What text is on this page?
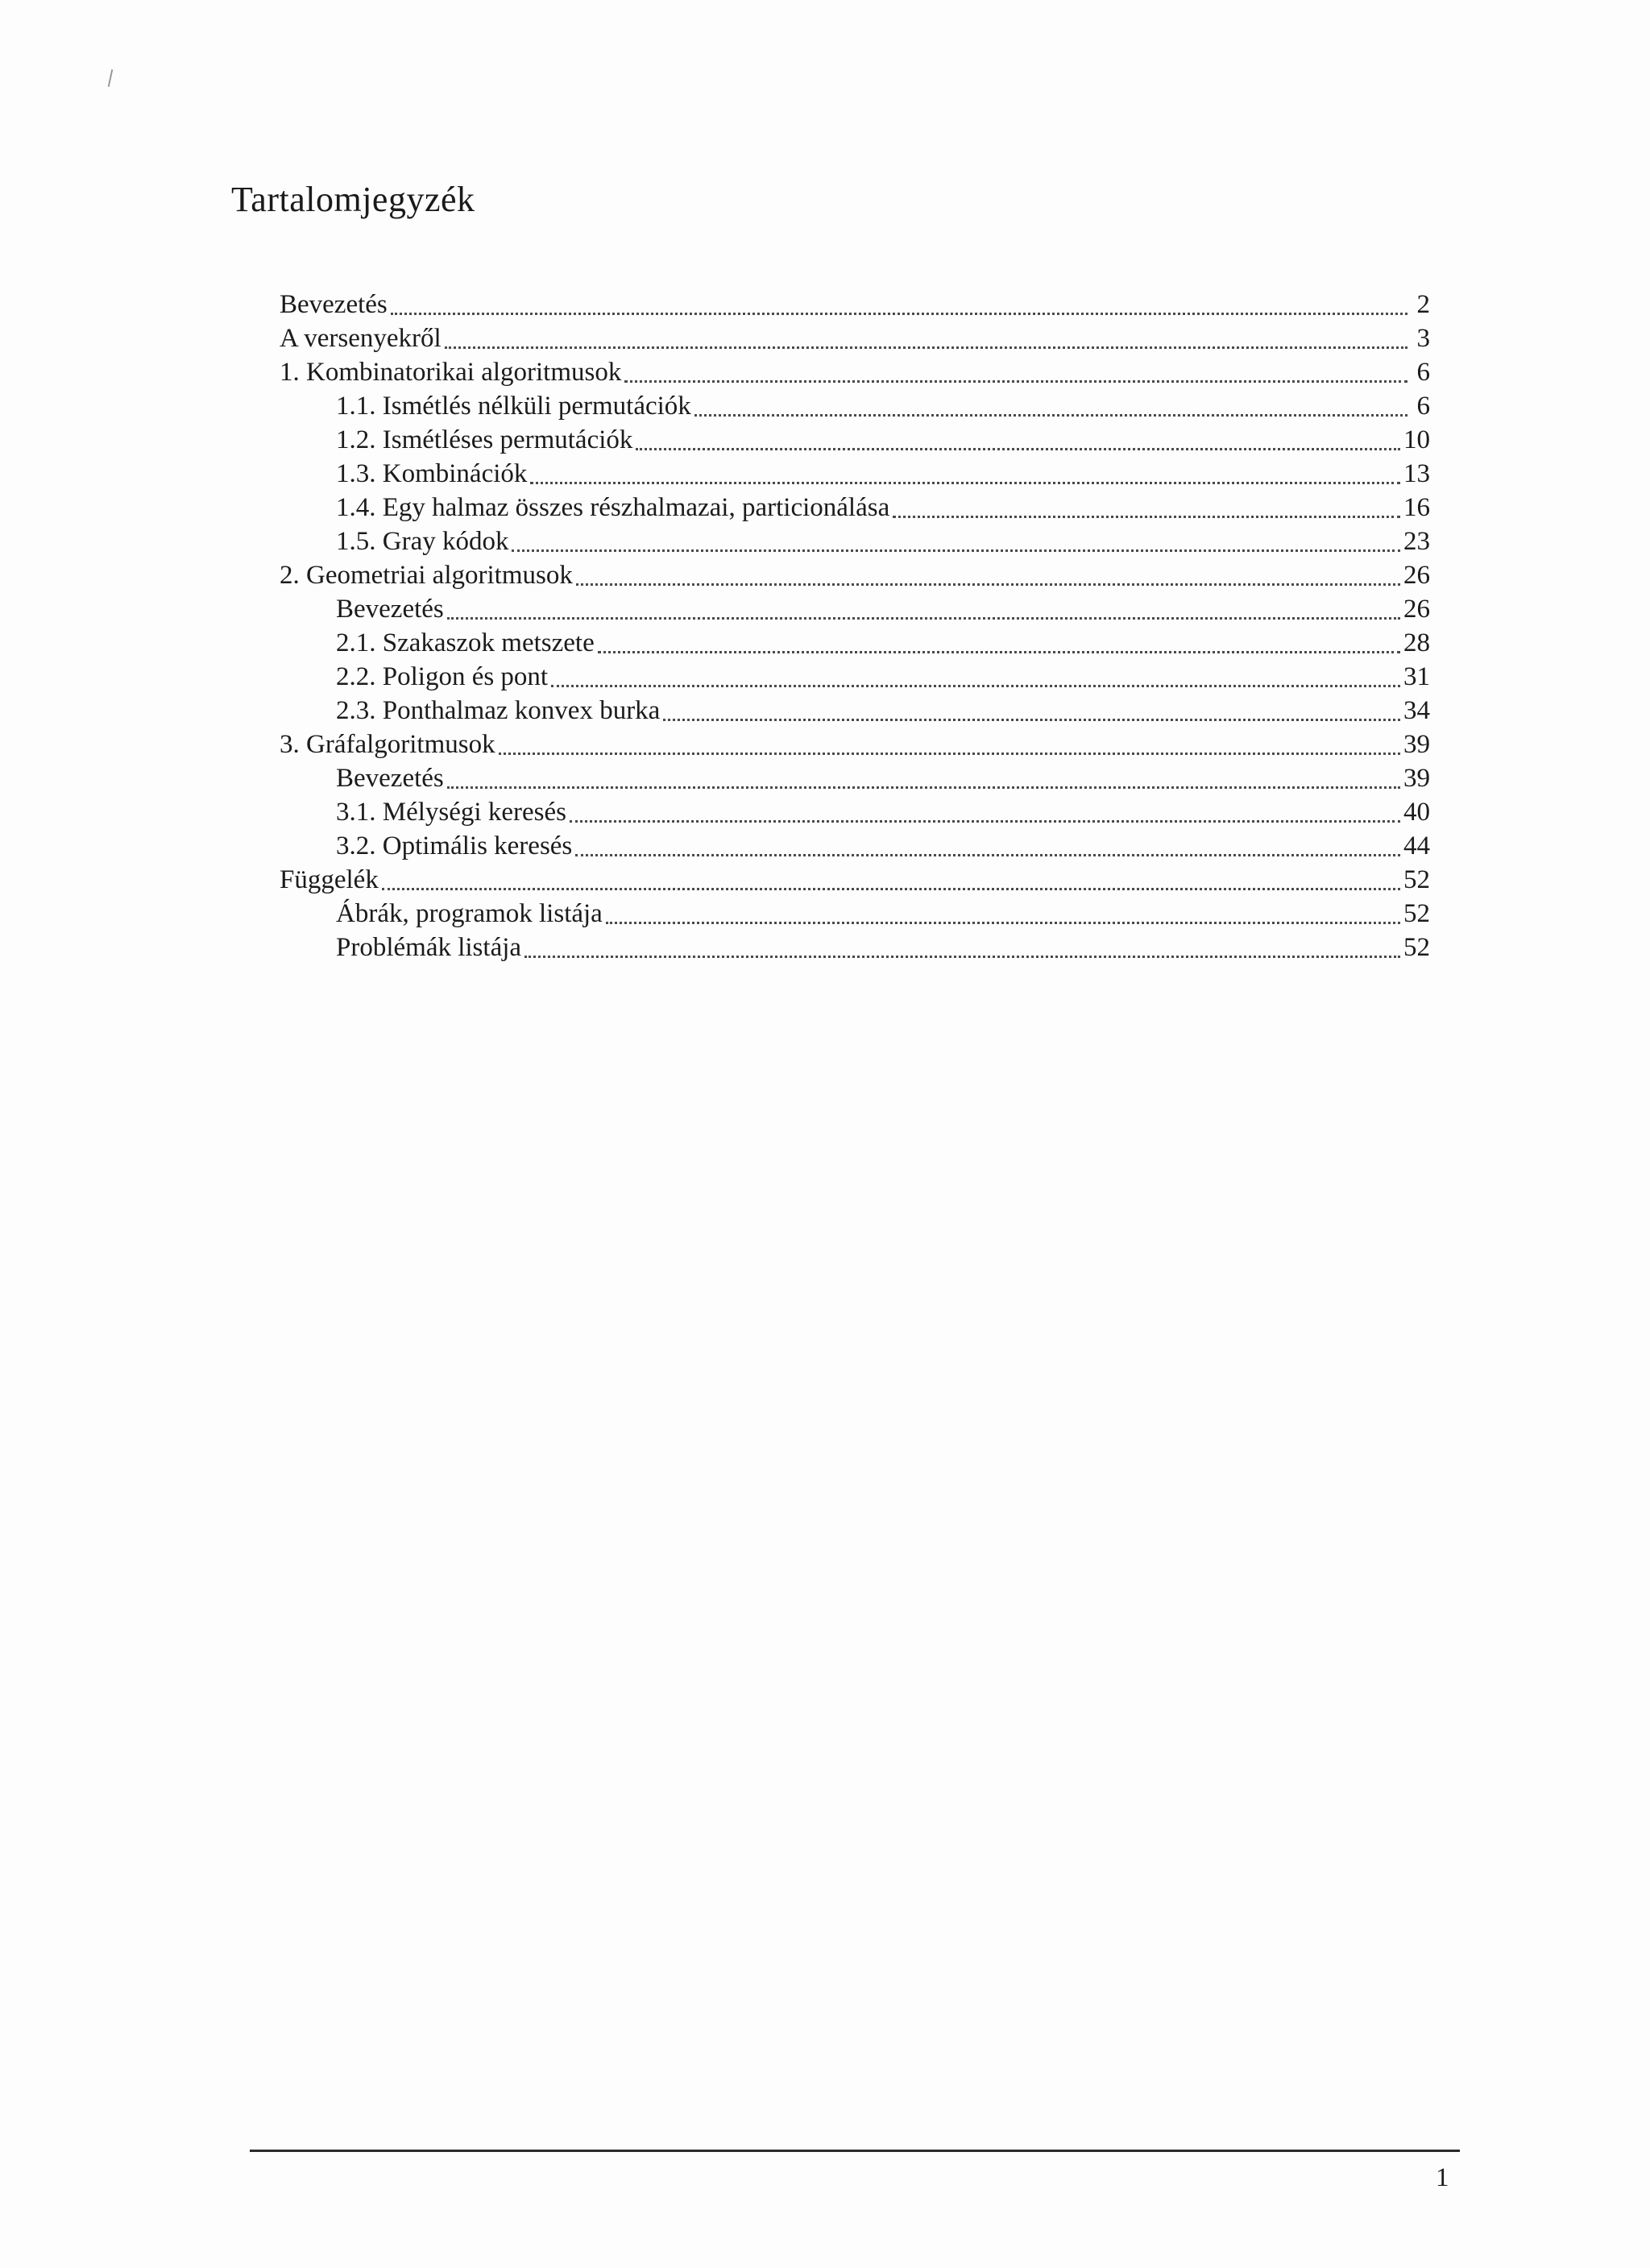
Tartalomjegyzék
Bevezetés	2
A versenyekről	3
1. Kombinatorikai algoritmusok	6
1.1. Ismétlés nélküli permutációk	6
1.2. Ismétléses permutációk	10
1.3. Kombinációk	13
1.4. Egy halmaz összes részhalmazai, particionálása	16
1.5. Gray kódok	23
2. Geometriai algoritmusok	26
Bevezetés	26
2.1. Szakaszok metszete	28
2.2. Poligon és pont	31
2.3. Ponthalmaz konvex burka	34
3. Gráfalgoritmusok	39
Bevezetés	39
3.1. Mélységi keresés	40
3.2. Optimális keresés	44
Függelék	52
Ábrák, programok listája	52
Problémák listája	52
1
